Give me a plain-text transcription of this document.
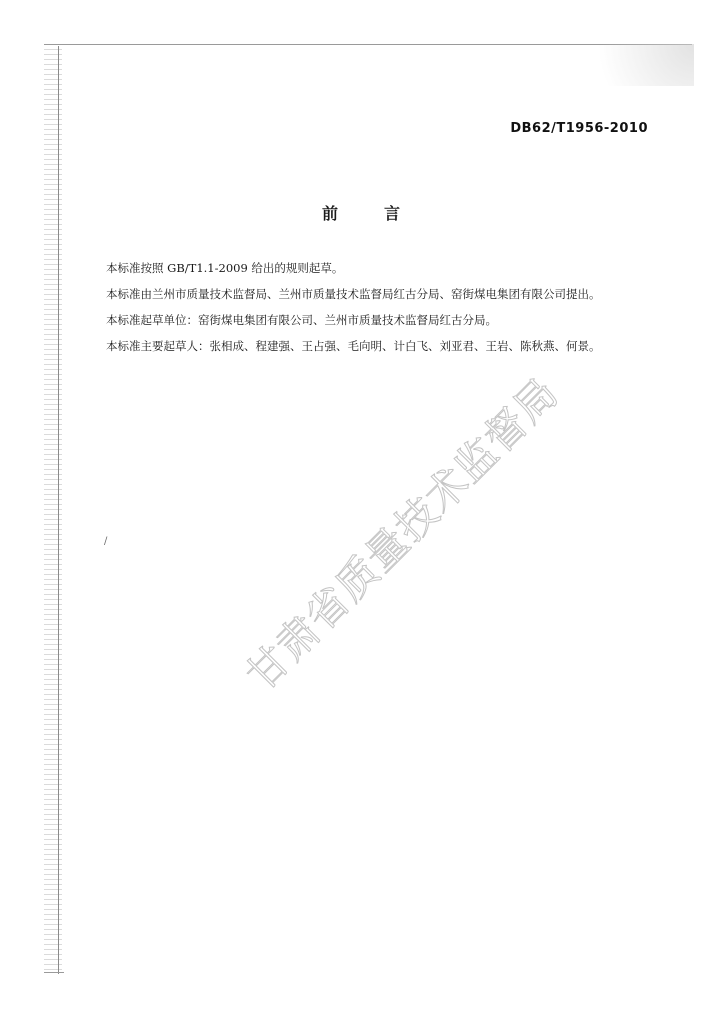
DB62/T1956-2010
前	言

本标准按照 GB/T1.1-2009 给出的规则起草。

本标准由兰州市质量技术监督局、兰州市质量技术监督局红古分局、窑街煤电集团有限公司提出。

本标准起草单位：窑街煤电集团有限公司、兰州市质量技术监督局红古分局。

本标准主要起草人：张相成、程建强、王占强、毛向明、计白飞、刘亚君、王岩、陈秋燕、何景。

/	甘肃省质量技术监督局
